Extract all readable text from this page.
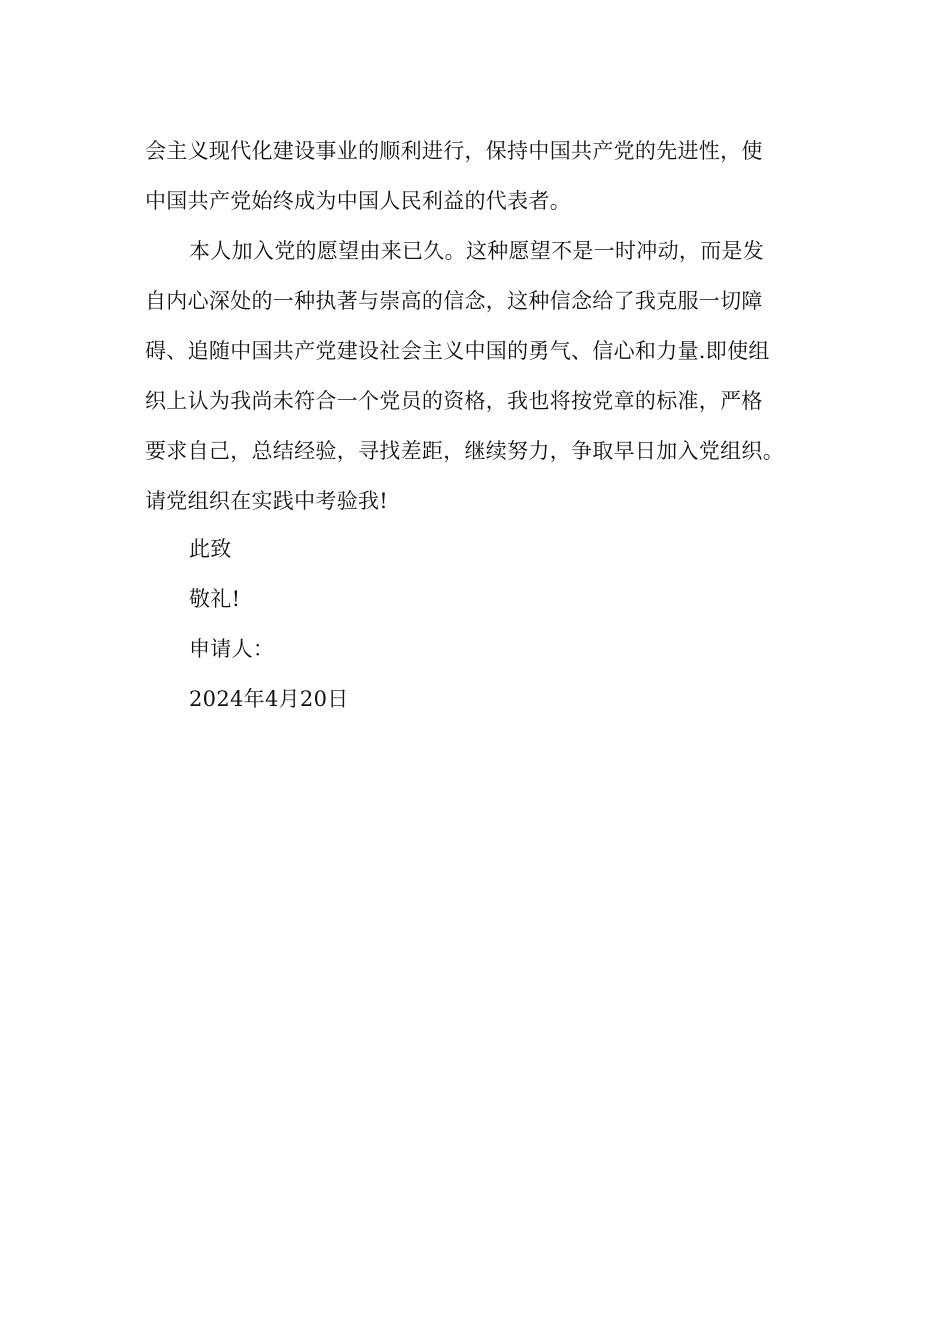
会主义现代化建设事业的顺利进行，保持中国共产党的先进性，使
中国共产党始终成为中国人民利益的代表者。
本人加入党的愿望由来已久。这种愿望不是一时冲动，而是发
自内心深处的一种执著与崇高的信念，这种信念给了我克服一切障
碍、追随中国共产党建设社会主义中国的勇气、信心和力量.即使组
织上认为我尚未符合一个党员的资格，我也将按党章的标准，严格
要求自己，总结经验，寻找差距，继续努力，争取早日加入党组织。
请党组织在实践中考验我!
此致
敬礼!
申请人：
2024年4月20日
